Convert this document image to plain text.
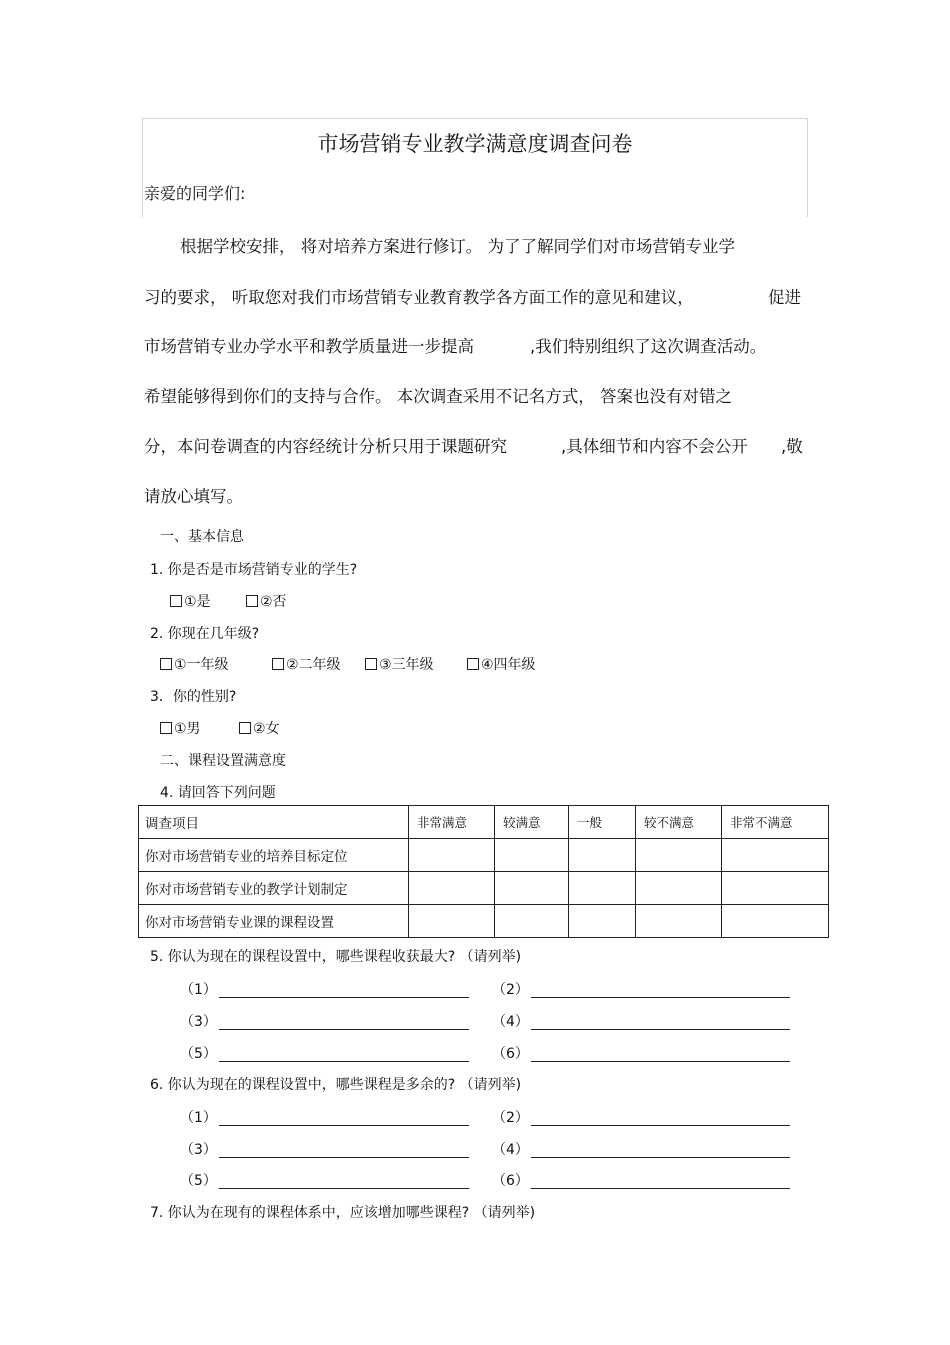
市场营销专业教学满意度调查问卷
亲爱的同学们:
根据学校安排， 将对培养方案进行修订。 为了了解同学们对市场营销专业学
习的要求， 听取您对我们市场营销专业教育教学各方面工作的意见和建议，	促进
市场营销专业办学水平和教学质量进一步提高	,我们特别组织了这次调查活动。
希望能够得到你们的支持与合作。 本次调查采用不记名方式， 答案也没有对错之
分，本问卷调查的内容经统计分析只用于课题研究	,具体细节和内容不会公开 ,敬
请放心填写。
一、基本信息
1. 你是否是市场营销专业的学生?
①是	②否
2. 你现在几年级?
①一年级	②二年级	③三年级	④四年级
3．你的性别?
①男	②女
二、课程设置满意度
4. 请回答下列问题
调查项目	非常满意	较满意	一般	较不满意	非常不满意
你对市场营销专业的培养目标定位					
你对市场营销专业的教学计划制定					
你对市场营销专业课的课程设置					
5. 你认为现在的课程设置中，哪些课程收获最大? （请列举)
（1）	（2）
（3）	（4）
（5）	（6）
6. 你认为现在的课程设置中，哪些课程是多余的? （请列举)
（1）	（2）
（3）	（4）
（5）	（6）
7. 你认为在现有的课程体系中，应该增加哪些课程? （请列举)
